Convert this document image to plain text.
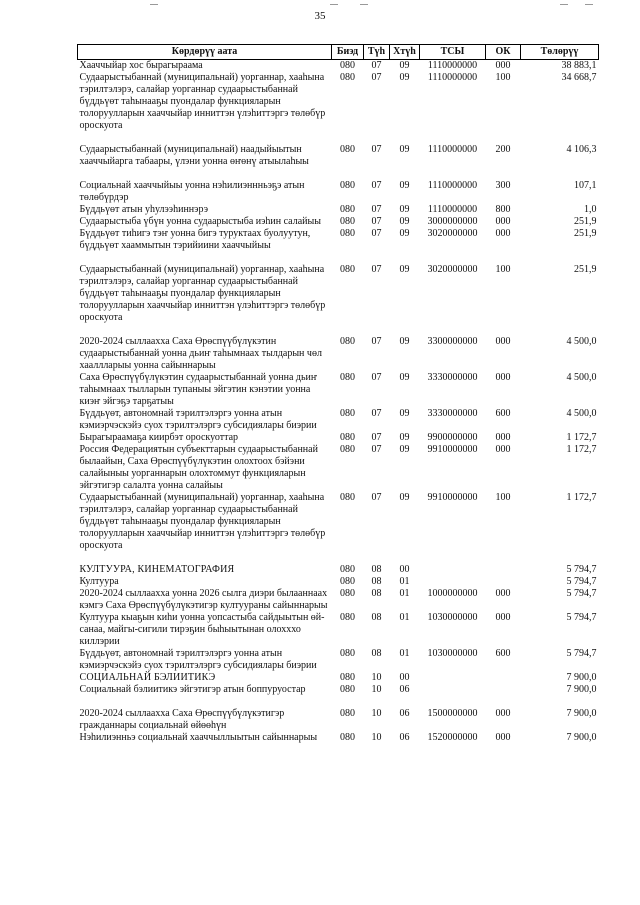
35
Көрдөрүү аата	Биэд	Түһ	Хтүһ	ТСЫ	ОК	Төлөрүү
Хааччыйар хос бырагыраама	080	07	09	1110000000	000	38 883,1
Судаарыстыбаннай (муниципальнай) уорганнар, хааһына тэрилтэлэрэ, салайар уорганнар судаарыстыбаннай бүддьүөт таһынааҕы пуондалар функцияларын толоруулларын хааччыйар инниттэн үлэһиттэргэ төлөбүр ороскуота	080	07	09	1110000000	100	34 668,7

Судаарыстыбаннай (муниципальнай) наадыйыытын хааччыйарга табаары, үлэни уонна өҥөнү атыылаһыы	080	07	09	1110000000	200	4 106,3

Социальнай хааччыйыы уонна нэһилиэннньэҕэ атын төлөбүрдэр	080	07	09	1110000000	300	107,1
Бүддьүөт атын уһулээһиннэрэ	080	07	09	1110000000	800	1,0
Судаарыстыба үбүн уонна судаарыстыба иэһин салайыы	080	07	09	3000000000	000	251,9
Бүддьүөт тиһигэ тэҥ уонна бигэ туруктаах буолуутун, бүддьүөт хааммытын тэрийиини хааччыйыы	080	07	09	3020000000	000	251,9

Судаарыстыбаннай (муниципальнай) уорганнар, хааһына тэрилтэлэрэ, салайар уорганнар судаарыстыбаннай бүддьүөт таһынааҕы пуондалар функцияларын толоруулларын хааччыйар инниттэн үлэһиттэргэ төлөбүр ороскуота	080	07	09	3020000000	100	251,9

2020-2024 сыллаахха Саха Өрөспүүбүлүкэтин судаарыстыбаннай уонна дьиҥ таһымнаах тылдарын чөл хааллларыы уонна сайыннарыы	080	07	09	3300000000	000	4 500,0
Саха Өрөспүүбүлүкэтин судаарыстыбаннай уонна дьиҥ таһымнаах тылларын тупаныы эйгэтин кэнэтии уонна киэҥ эйгэҕэ тарҕатыы	080	07	09	3330000000	000	4 500,0
Бүддьүөт, автономнай тэрилтэлэргэ уонна атын кэмиэрчэскэйэ суох тэрилтэлэргэ субсидиялары биэрии	080	07	09	3330000000	600	4 500,0
Бырагыраамаҕа киирбэт ороскуоттар	080	07	09	9900000000	000	1 172,7
Россия Федерациятын субъекттарын судаарыстыбаннай былаайын, Саха Өрөспүүбүлүкэтин олохтоох бэйэни салайыныы уорганнарын олохтоммут функцияларын эйгэтигэр салалта уонна салайыы	080	07	09	9910000000	000	1 172,7
Судаарыстыбаннай (муниципальнай) уорганнар, хааһына тэрилтэлэрэ, салайар уорганнар судаарыстыбаннай бүддьүөт таһынааҕы пуондалар функцияларын толоруулларын хааччыйар инниттэн үлэһиттэргэ төлөбүр ороскуота	080	07	09	9910000000	100	1 172,7

КУЛТУУРА, КИНЕМАТОГРАФИЯ	080	08	00			5 794,7
Култуура	080	08	01			5 794,7
2020-2024 сыллаахха уонна 2026 сылга диэри былааннаах кэмгэ Саха Өрөспүүбүлүкэтигэр култуураны сайыннарыы	080	08	01	1000000000	000	5 794,7
Култуура кыаҕын киһи уонна уопсастыба сайдыытын өй-санаа, майгы-сигили тирэҕин быһыытынан олохххо киллэрии	080	08	01	1030000000	000	5 794,7
Бүддьүөт, автономнай тэрилтэлэргэ уонна атын кэмиэрчэскэйэ суох тэрилтэлэргэ субсидиялары биэрии	080	08	01	1030000000	600	5 794,7
СОЦИАЛЬНАЙ БЭЛИИТИКЭ	080	10	00			7 900,0
Социальнай бэлиитикэ эйгэтигэр атын боппуруостар	080	10	06			7 900,0

2020-2024 сыллаахха Саха Өрөспүүбүлүкэтигэр гражданнары социальнай өйөөһүн	080	10	06	1500000000	000	7 900,0
Нэһилиэнньэ социальнай хааччыллыытын сайыннарыы	080	10	06	1520000000	000	7 900,0
